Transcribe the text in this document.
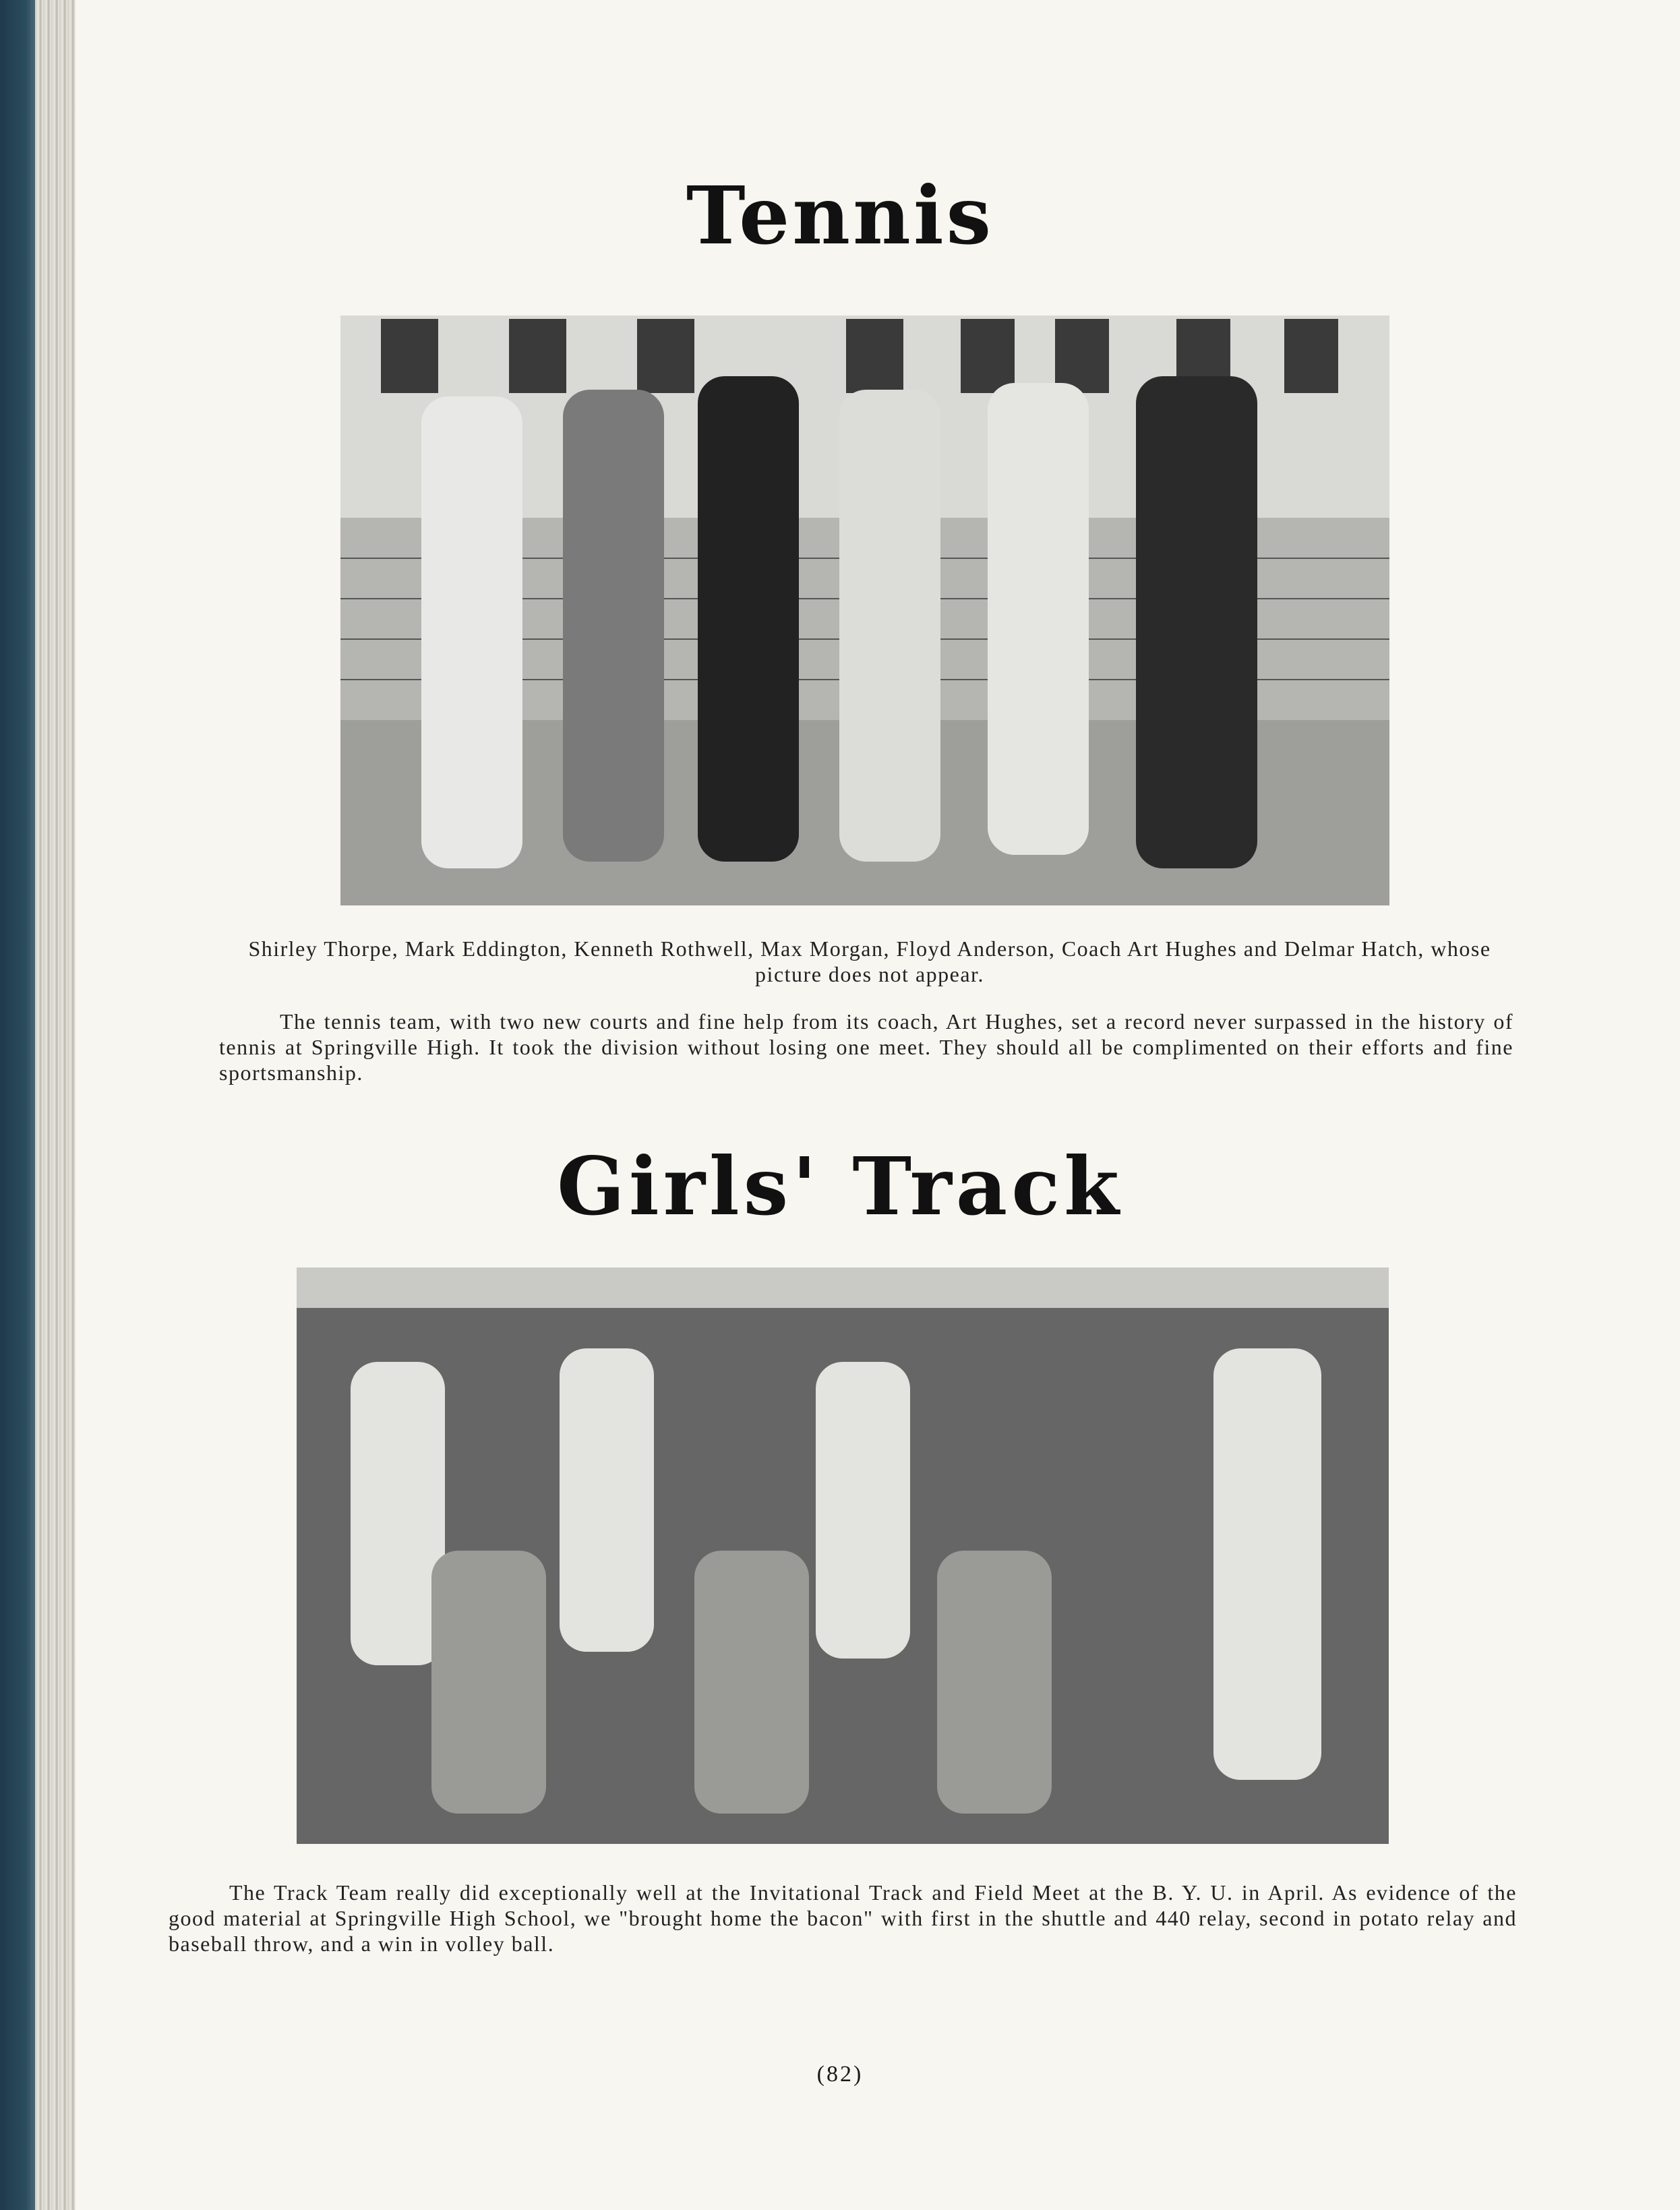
Tennis
Shirley Thorpe, Mark Eddington, Kenneth Rothwell, Max Morgan, Floyd Anderson, Coach Art Hughes and Delmar Hatch, whose picture does not appear.
The tennis team, with two new courts and fine help from its coach, Art Hughes, set a record never surpassed in the history of tennis at Springville High. It took the division without losing one meet. They should all be complimented on their efforts and fine sportsmanship.
Girls' Track
The Track Team really did exceptionally well at the Invitational Track and Field Meet at the B. Y. U. in April. As evidence of the good material at Springville High School, we "brought home the bacon" with first in the shuttle and 440 relay, second in potato relay and baseball throw, and a win in volley ball.
(82)
